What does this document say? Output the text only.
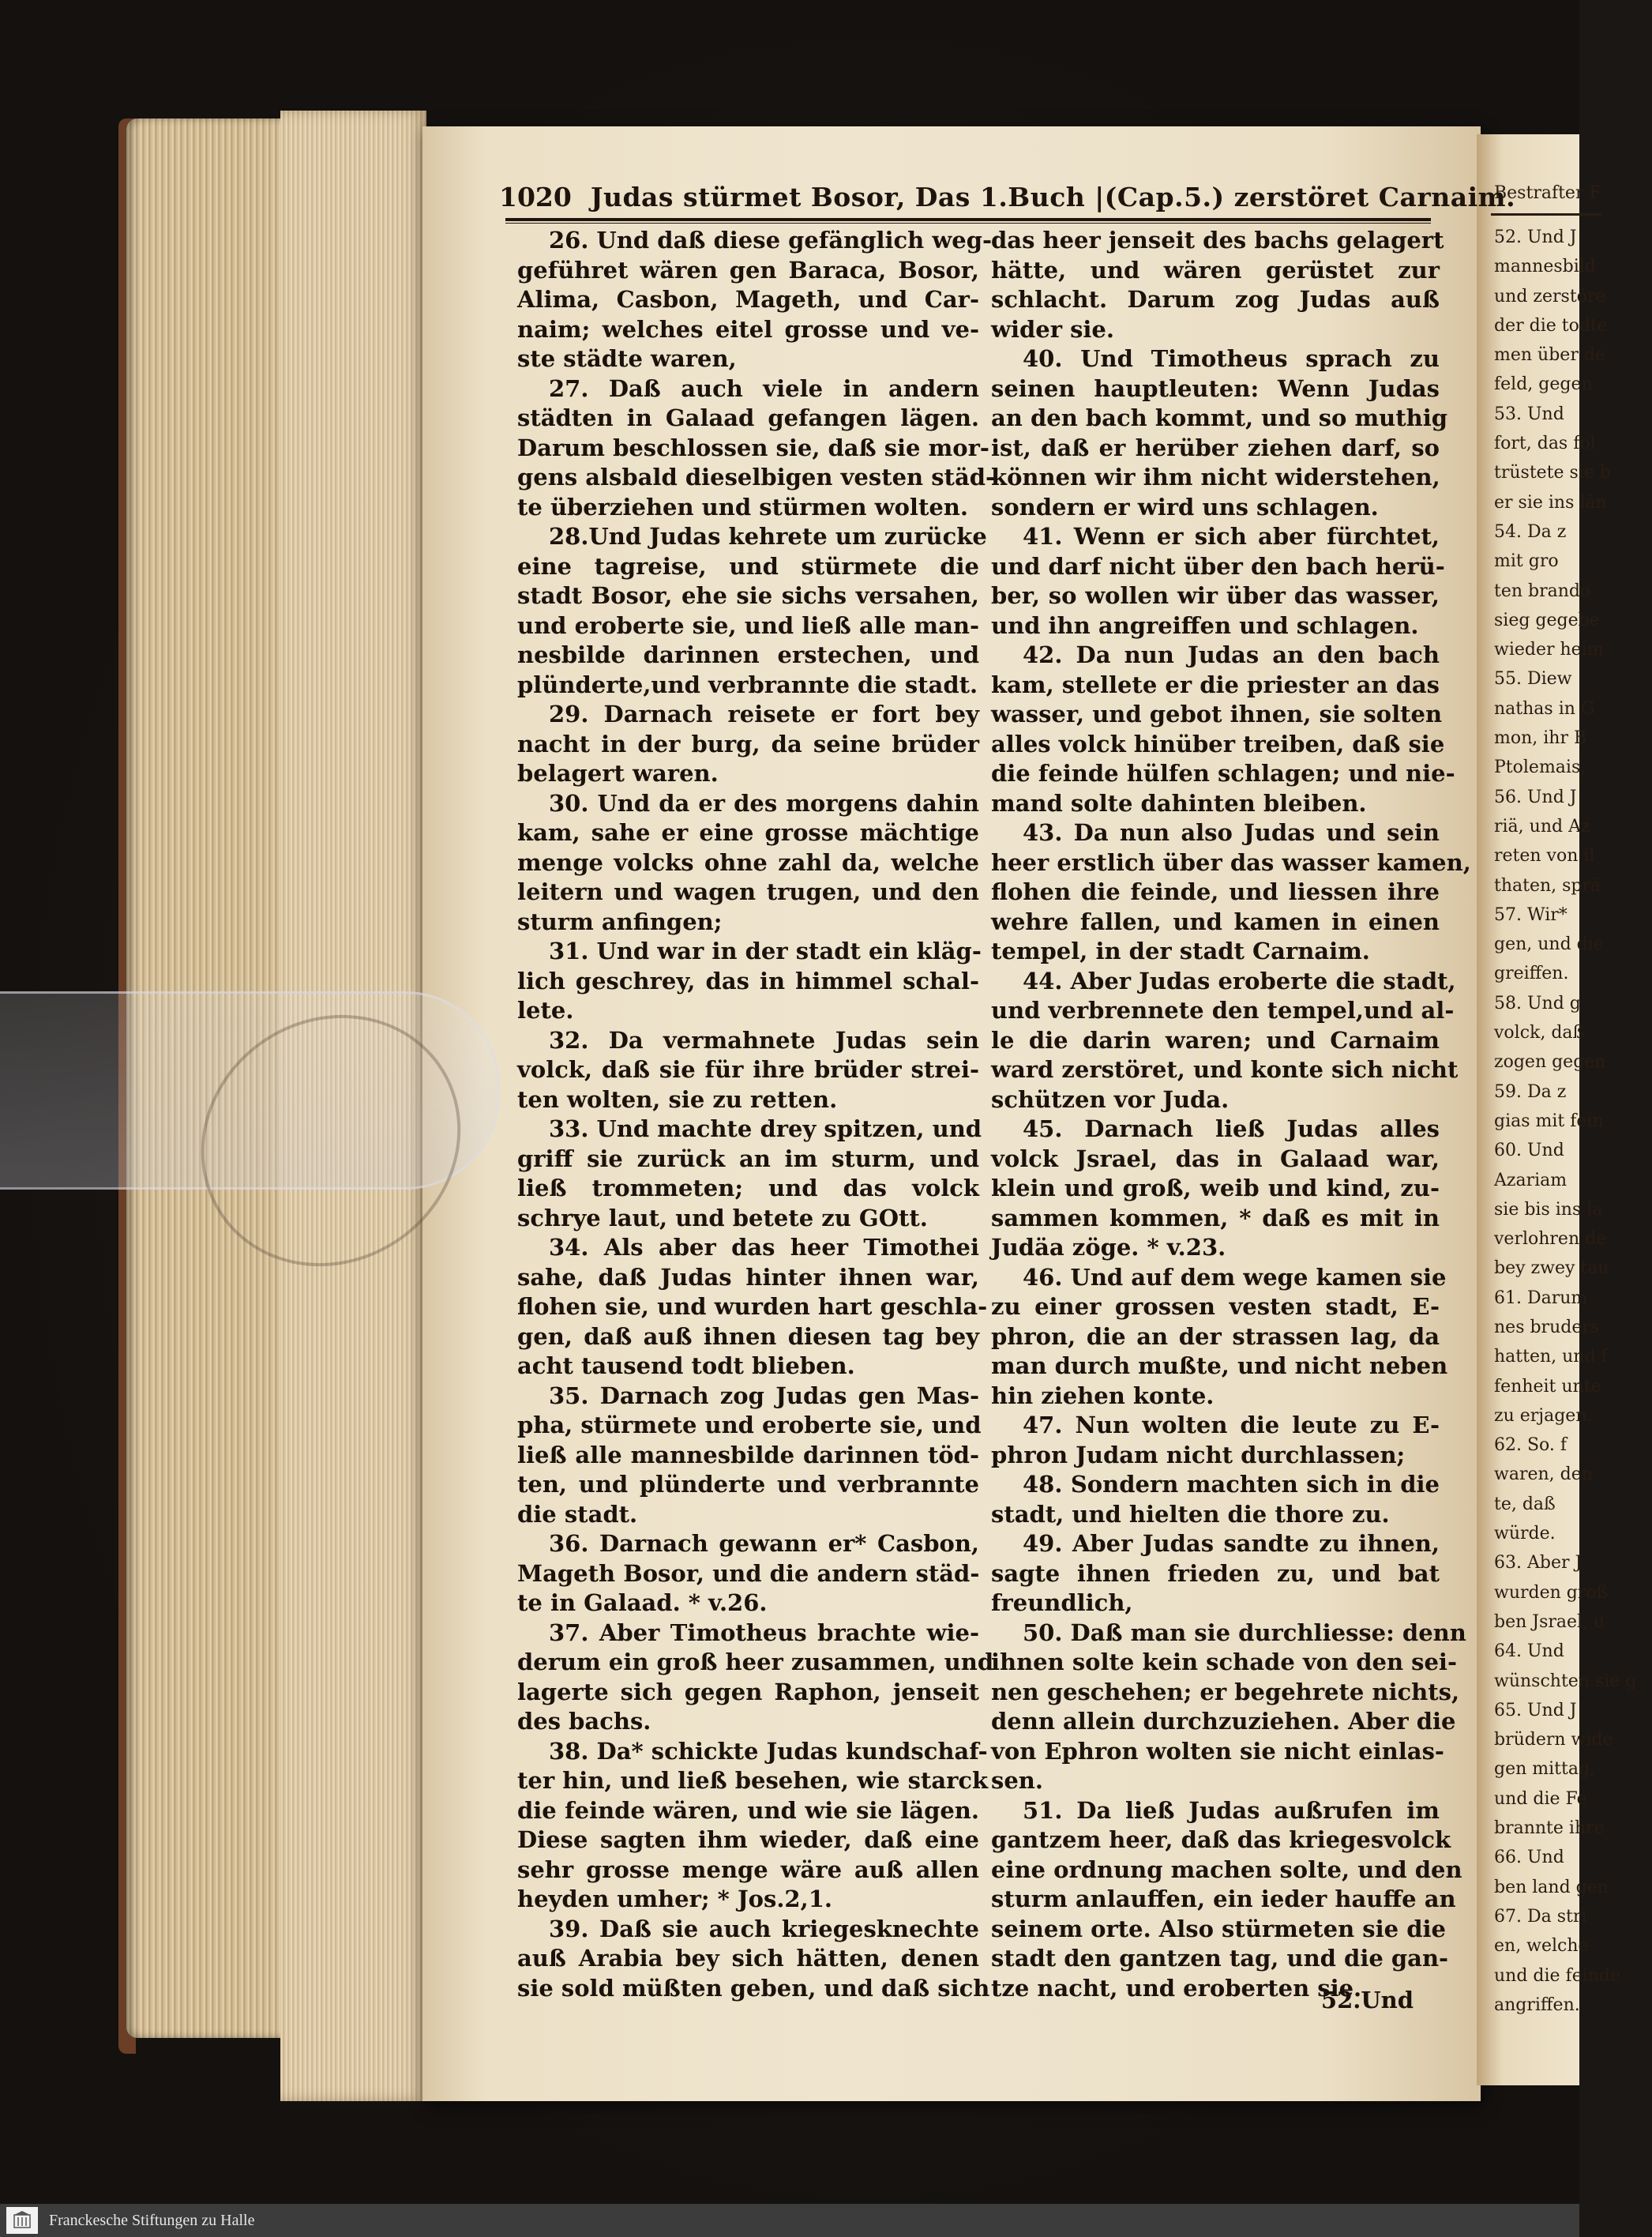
Bestrafter F
52. Und J
mannesbild
und zerstöre
der die todte
men über de
feld, gegen
53. Und
fort, das fol
trüstete sie b
er sie ins län
54. Da z
mit gro
ten brando
sieg gegebe
wieder heim
55. Diew
nathas in G
mon, ihr B
Ptolemais,
56. Und J
riä, und Az
reten von il
thaten, sprä
57. Wir*
gen, und die
greiffen.
58. Und g
volck, daß
zogen gegen
59. Da z
gias mit fein
60. Und
Azariam
sie bis ins la
verlohren de
bey zwey tau
61. Darum
nes bruders
hatten, und f
fenheit unte
zu erjagen.
62. So. f
waren, den
te, daß
würde.
63. Aber J
wurden groß
ben Jsrael, u
64. Und
wünschten sie g
65. Und J
brüdern wide
gen mittag,
und die Fe
brannte ihre
66. Und
ben land gen
67. Da stri
en, welche
und die feinde
angriffen.
1020 Judas stürmet Bosor, Das 1.Buch |(Cap.5.) zerstöret Carnaim.
26. Und daß diese gefänglich weg-
geführet wären gen Baraса, Bosor,
Alima, Casbon, Mageth, und Car-
naim; welches eitel grosse und ve-
ste städte waren,
27. Daß auch viele in andern
städten in Galaad gefangen lägen.
Darum beschlossen sie, daß sie mor-
gens alsbald dieselbigen vesten städ-
te überziehen und stürmen wolten.
28.Und Judas kehrete um zurücke
eine tagreise, und stürmete die
stadt Bosor, ehe sie sichs versahen,
und eroberte sie, und ließ alle man-
nesbilde darinnen erstechen, und
plünderte,und verbrannte die stadt.
29. Darnach reisete er fort bey
nacht in der burg, da seine brüder
belagert waren.
30. Und da er des morgens dahin
kam, sahe er eine grosse mächtige
menge volcks ohne zahl da, welche
leitern und wagen trugen, und den
sturm anfingen;
31. Und war in der stadt ein kläg-
lich geschrey, das in himmel schal-
lete.
32. Da vermahnete Judas sein
volck, daß sie für ihre brüder strei-
ten wolten, sie zu retten.
33. Und machte drey spitzen, und
griff sie zurück an im sturm, und
ließ trommeten; und das volck
schrye laut, und betete zu GOtt.
34. Als aber das heer Timothei
sahe, daß Judas hinter ihnen war,
flohen sie, und wurden hart geschla-
gen, daß auß ihnen diesen tag bey
acht tausend todt blieben.
35. Darnach zog Judas gen Mas-
pha, stürmete und eroberte sie, und
ließ alle mannesbilde darinnen töd-
ten, und plünderte und verbrannte
die stadt.
36. Darnach gewann er* Casbon,
Mageth Bosor, und die andern städ-
te in Galaad. * v.26.
37. Aber Timotheus brachte wie-
derum ein groß heer zusammen, und
lagerte sich gegen Raphon, jenseit
des bachs.
38. Da* schickte Judas kundschaf-
ter hin, und ließ besehen, wie starck
die feinde wären, und wie sie lägen.
Diese sagten ihm wieder, daß eine
sehr grosse menge wäre auß allen
heyden umher; * Jos.2,1.
39. Daß sie auch kriegesknechte
auß Arabia bey sich hätten, denen
sie sold müßten geben, und daß sich
das heer jenseit des bachs gelagert
hätte, und wären gerüstet zur
schlacht. Darum zog Judas auß
wider sie.
40. Und Timotheus sprach zu
seinen hauptleuten: Wenn Judas
an den bach kommt, und so muthig
ist, daß er herüber ziehen darf, so
können wir ihm nicht widerstehen,
sondern er wird uns schlagen.
41. Wenn er sich aber fürchtet,
und darf nicht über den bach herü-
ber, so wollen wir über das wasser,
und ihn angreiffen und schlagen.
42. Da nun Judas an den bach
kam, stellete er die priester an das
wasser, und gebot ihnen, sie solten
alles volck hinüber treiben, daß sie
die feinde hülfen schlagen; und nie-
mand solte dahinten bleiben.
43. Da nun also Judas und sein
heer erstlich über das wasser kamen,
flohen die feinde, und liessen ihre
wehre fallen, und kamen in einen
tempel, in der stadt Carnaim.
44. Aber Judas eroberte die stadt,
und verbrennete den tempel,und al-
le die darin waren; und Carnaim
ward zerstöret, und konte sich nicht
schützen vor Juda.
45. Darnach ließ Judas alles
volck Jsrael, das in Galaad war,
klein und groß, weib und kind, zu-
sammen kommen, * daß es mit in
Judäa zöge. * v.23.
46. Und auf dem wege kamen sie
zu einer grossen vesten stadt, E-
phron, die an der strassen lag, da
man durch mußte, und nicht neben
hin ziehen konte.
47. Nun wolten die leute zu E-
phron Judam nicht durchlassen;
48. Sondern machten sich in die
stadt, und hielten die thore zu.
49. Aber Judas sandte zu ihnen,
sagte ihnen frieden zu, und bat
freundlich,
50. Daß man sie durchliesse: denn
ihnen solte kein schade von den sei-
nen geschehen; er begehrete nichts,
denn allein durchzuziehen. Aber die
von Ephron wolten sie nicht einlas-
sen.
51. Da ließ Judas außrufen im
gantzem heer, daß das kriegesvolck
eine ordnung machen solte, und den
sturm anlauffen, ein ieder hauffe an
seinem orte. Also stürmeten sie die
stadt den gantzen tag, und die gan-
tze nacht, und eroberten sie.
52.Und
Franckesche Stiftungen zu Halle
